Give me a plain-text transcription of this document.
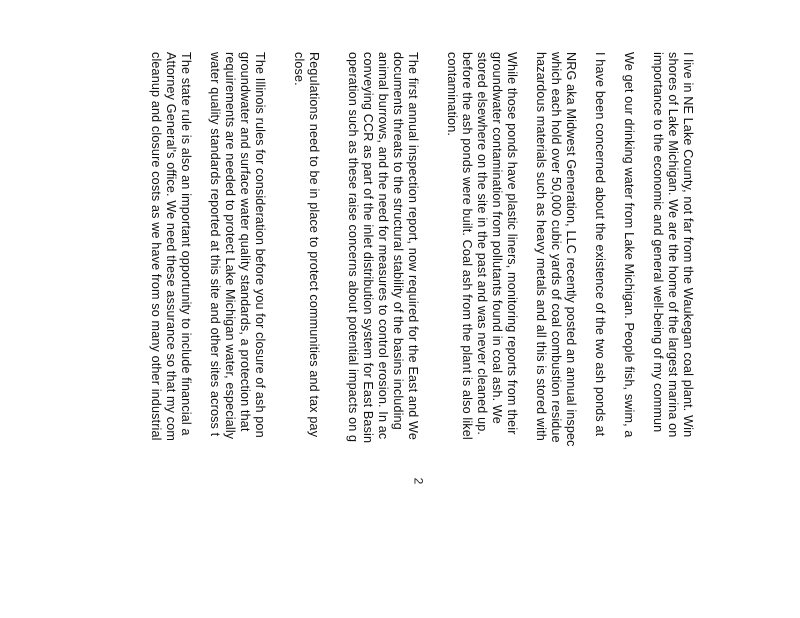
I live in NE Lake County, not far from the Waukegan coal plant. Win
shores of Lake Michigan. We are the home of the largest marina on
importance to the economic and general well-being of my commun
We get our drinking water from Lake Michigan. People fish, swim, a
I have been concerned about the existence of the two ash ponds at
NRG aka Midwest Generation, LLC recently posted an annual inspec
which each hold over 50,000 cubic yards of coal combustion residue
hazardous materials such as heavy metals and all this is stored with
While those ponds have plastic liners, monitoring reports from their
groundwater contamination from pollutants found in coal ash. We
stored elsewhere on the site in the past and was never cleaned up.
before the ash ponds were built. Coal ash from the plant is also likel
contamination.
The first annual inspection report, now required for the East and We
documents threats to the structural stability of the basins including
animal burrows, and the need for measures to control erosion. In ac
conveying CCR as part of the inlet distribution system for East Basin
operation such as these raise concerns about potential impacts on g
Regulations need to be in place to protect communities and tax pay
close.
The Illinois rules for consideration before you for closure of ash pon
groundwater and surface water quality standards, a protection that
requirements are needed to protect Lake Michigan water, especially
water quality standards reported at this site and other sites across t
The state rule is also an important opportunity to include financial a
Attorney General's office. We need these assurance so that my com
cleanup and closure costs as we have from so many other industrial
2
